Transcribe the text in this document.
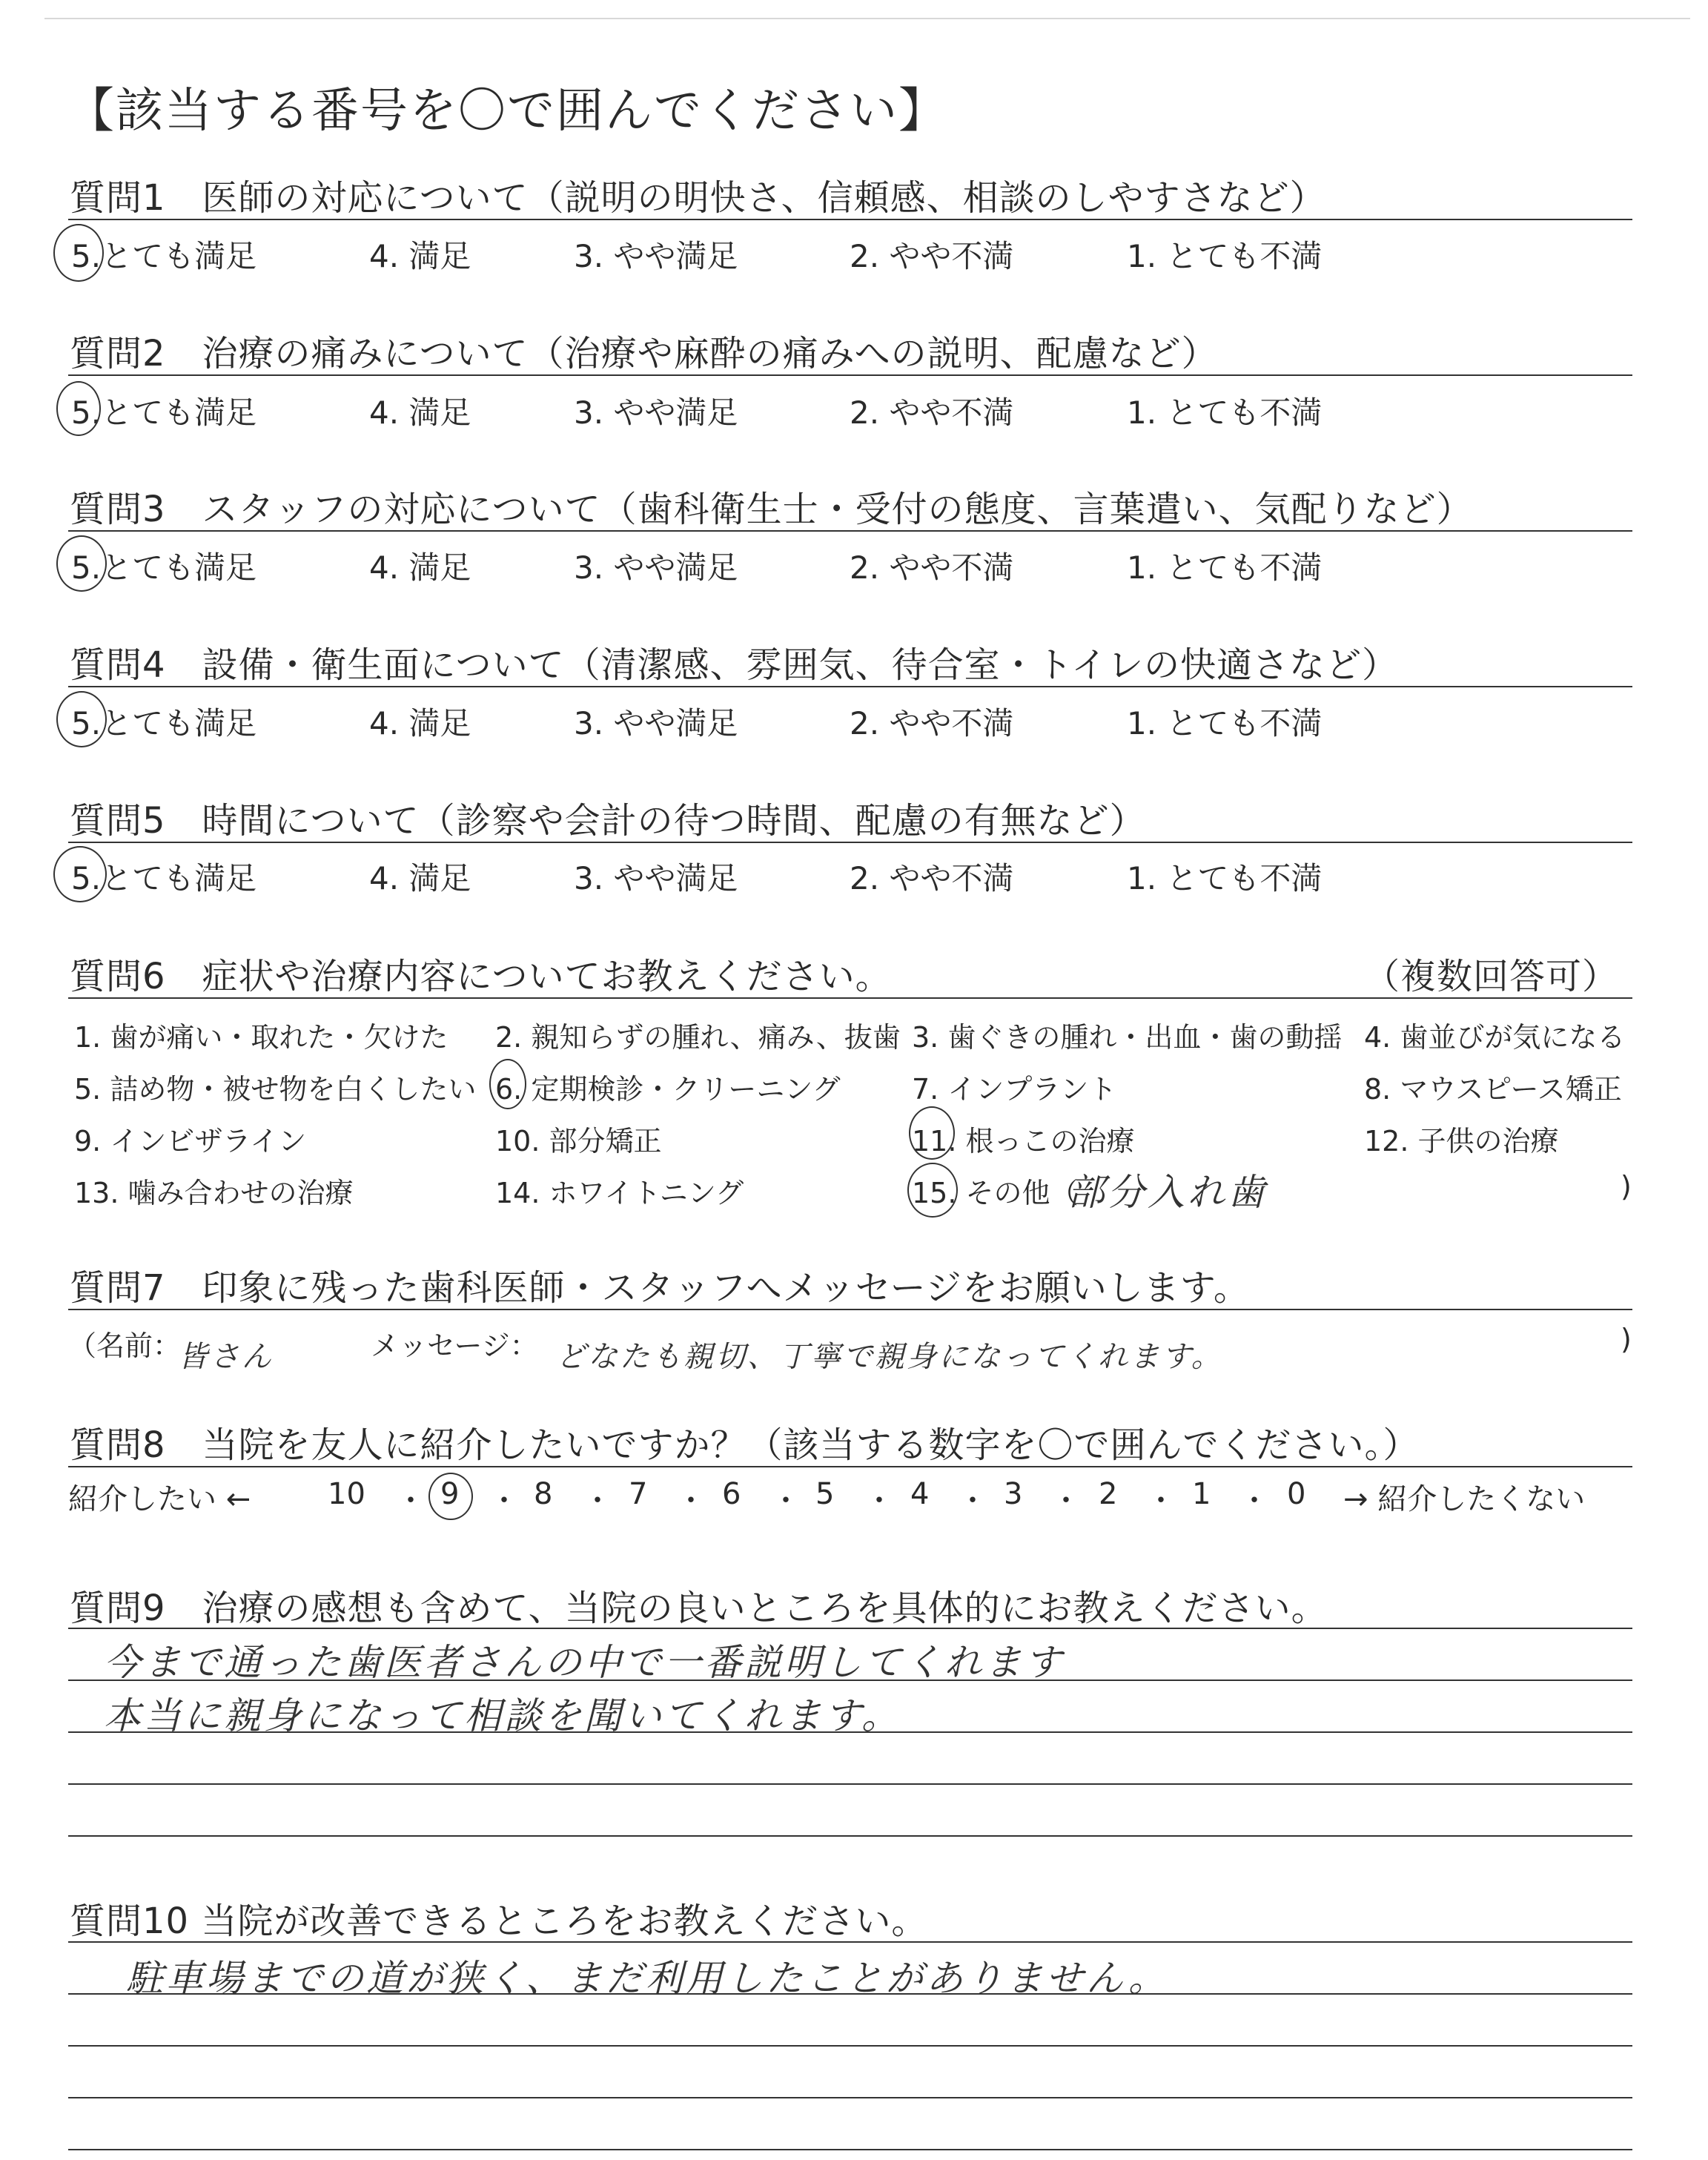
【該当する番号を〇で囲んでください】
質問1　医師の対応について（説明の明快さ、信頼感、相談のしやすさなど）
5.とても満足	4. 満足	3. やや満足	2. やや不満	1. とても不満
質問2　治療の痛みについて（治療や麻酔の痛みへの説明、配慮など）
5.とても満足	4. 満足	3. やや満足	2. やや不満	1. とても不満
質問3　スタッフの対応について（歯科衛生士・受付の態度、言葉遣い、気配りなど）
5.とても満足	4. 満足	3. やや満足	2. やや不満	1. とても不満
質問4　設備・衛生面について（清潔感、雰囲気、待合室・トイレの快適さなど）
5.とても満足	4. 満足	3. やや満足	2. やや不満	1. とても不満
質問5　時間について（診察や会計の待つ時間、配慮の有無など）
5.とても満足	4. 満足	3. やや満足	2. やや不満	1. とても不満
質問6　症状や治療内容についてお教えください。	（複数回答可）
1. 歯が痛い・取れた・欠けた 2. 親知らずの腫れ、痛み、抜歯 3. 歯ぐきの腫れ・出血・歯の動揺 4. 歯並びが気になる
5. 詰め物・被せ物を白くしたい 6. 定期検診・クリーニング	7. インプラント	8. マウスピース矯正
9. インビザライン	10. 部分矯正	11. 根っこの治療	12. 子供の治療
13. 噛み合わせの治療	14. ホワイトニング	15. その他（
部分入れ歯	)
質問7　印象に残った歯科医師・スタッフへメッセージをお願いします。
（名前：
皆さん	メッセージ： どなたも親切、丁寧で親身になってくれます。
)
質問8　当院を友人に紹介したいですか？（該当する数字を〇で囲んでください。）
紹介したい ←	10 ・ 9 ・ 8 ・ 7 ・ 6 ・ 5 ・ 4 ・ 3 ・ 2 ・ 1 ・ 0 → 紹介したくない
質問9　治療の感想も含めて、当院の良いところを具体的にお教えください。
今まで通った歯医者さんの中で一番説明してくれます
本当に親身になって相談を聞いてくれます。
質問10 当院が改善できるところをお教えください。
駐車場までの道が狭く、まだ利用したことがありません。
